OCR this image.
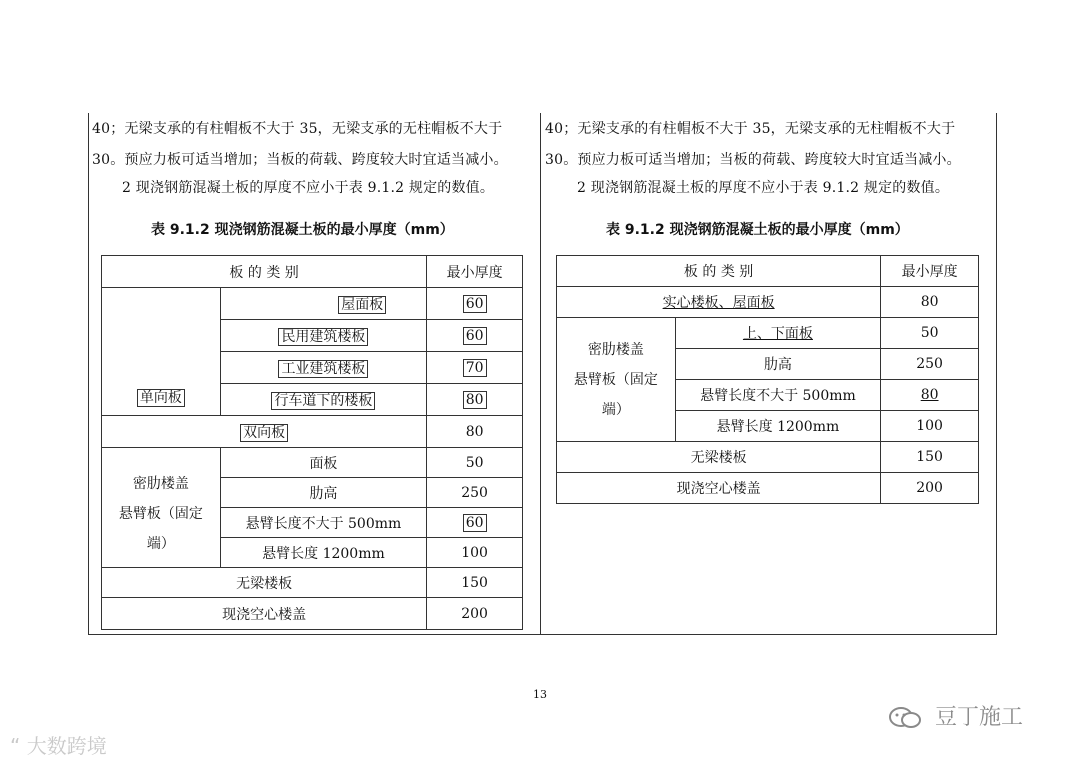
40；无梁支承的有柱帽板不大于 35，无梁支承的无柱帽板不大于
30。预应力板可适当增加；当板的荷载、跨度较大时宜适当减小。
2 现浇钢筋混凝土板的厚度不应小于表 9.1.2 规定的数值。
表 9.1.2 现浇钢筋混凝土板的最小厚度（mm）
板 的 类 别		最小厚度
单向板	屋面板	60
	民用建筑楼板	60
	工业建筑楼板	70
	行车道下的楼板	80
双向板		80

密肋楼盖
悬臂板（固定
端）	面板	50
	肋高	250
	悬臂长度不大于 500mm	60
	悬臂长度 1200mm	100
无梁楼板		150
现浇空心楼盖		200
40；无梁支承的有柱帽板不大于 35，无梁支承的无柱帽板不大于
30。预应力板可适当增加；当板的荷载、跨度较大时宜适当减小。
2 现浇钢筋混凝土板的厚度不应小于表 9.1.2 规定的数值。
表 9.1.2 现浇钢筋混凝土板的最小厚度（mm）
板 的 类 别		最小厚度
实心楼板、屋面板		80

密肋楼盖
悬臂板（固定
端）	上、下面板	50
	肋高	250
	悬臂长度不大于 500mm	80
	悬臂长度 1200mm	100
无梁楼板		150
现浇空心楼盖		200
13
“ 大数跨境
豆丁施工
